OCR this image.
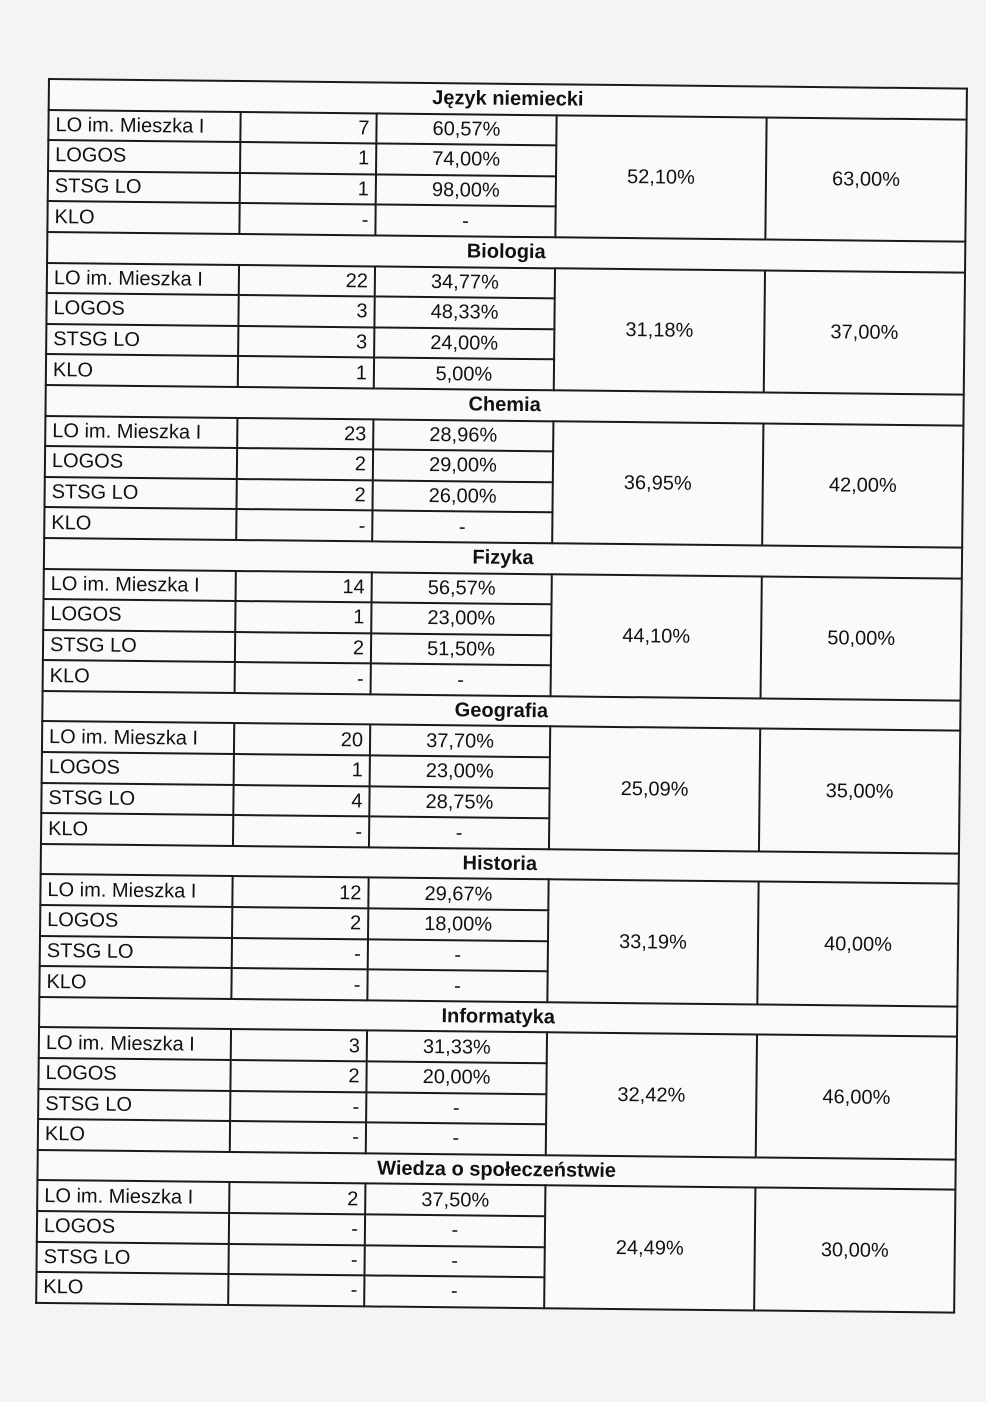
Język niemiecki				
LO im. Mieszka I	7	60,57%	52,10%	63,00%
LOGOS	1	74,00%		
STSG LO	1	98,00%		
KLO	-	-		
Biologia				
LO im. Mieszka I	22	34,77%	31,18%	37,00%
LOGOS	3	48,33%		
STSG LO	3	24,00%		
KLO	1	5,00%		
Chemia				
LO im. Mieszka I	23	28,96%	36,95%	42,00%
LOGOS	2	29,00%		
STSG LO	2	26,00%		
KLO	-	-		
Fizyka				
LO im. Mieszka I	14	56,57%	44,10%	50,00%
LOGOS	1	23,00%		
STSG LO	2	51,50%		
KLO	-	-		
Geografia				
LO im. Mieszka I	20	37,70%	25,09%	35,00%
LOGOS	1	23,00%		
STSG LO	4	28,75%		
KLO	-	-		
Historia				
LO im. Mieszka I	12	29,67%	33,19%	40,00%
LOGOS	2	18,00%		
STSG LO	-	-		
KLO	-	-		
Informatyka				
LO im. Mieszka I	3	31,33%	32,42%	46,00%
LOGOS	2	20,00%		
STSG LO	-	-		
KLO	-	-		
Wiedza o społeczeństwie				
LO im. Mieszka I	2	37,50%	24,49%	30,00%
LOGOS	-	-		
STSG LO	-	-		
KLO	-	-		
